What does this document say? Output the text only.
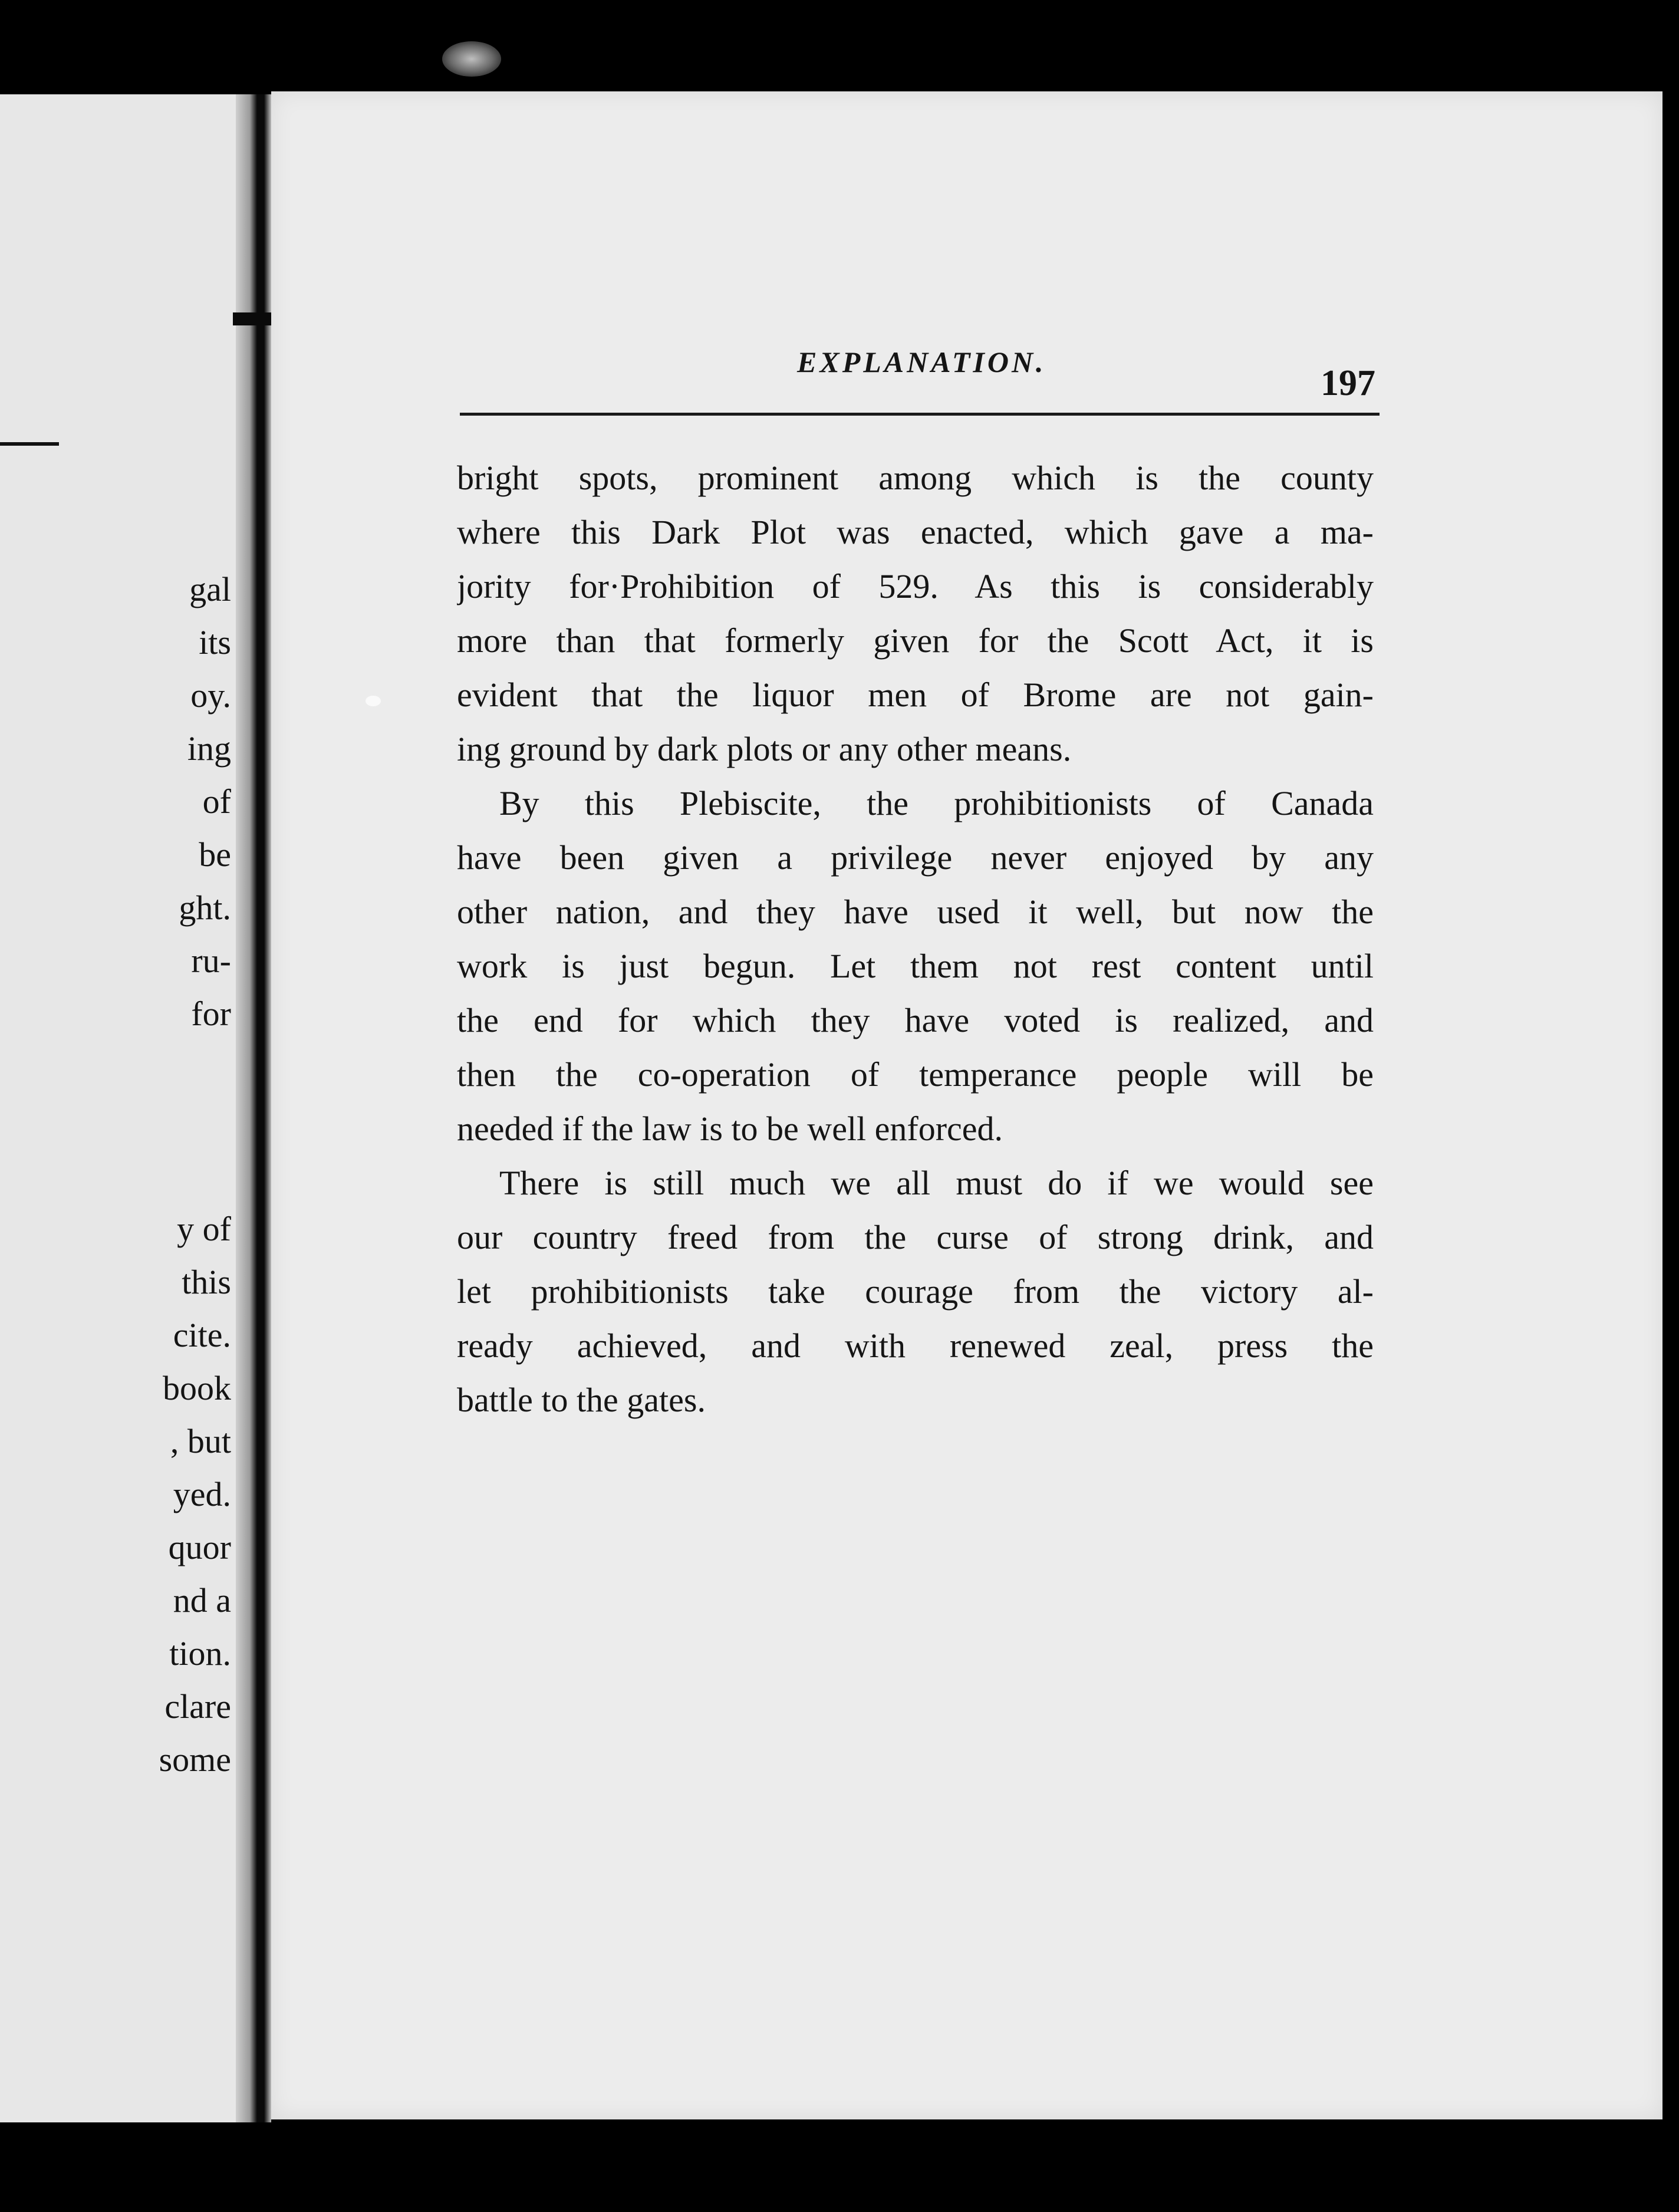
gal
its
oy.
ing
of
be
ght.
ru-
for
y of
this
cite.
book
, but
yed.
quor
nd a
tion.
clare
some
EXPLANATION.
197
bright spots, prominent among which is the county
where this Dark Plot was enacted, which gave a ma-
jority for·Prohibition of 529. As this is considerably
more than that formerly given for the Scott Act, it is
evident that the liquor men of Brome are not gain-
ing ground by dark plots or any other means.
By this Plebiscite, the prohibitionists of Canada
have been given a privilege never enjoyed by any
other nation, and they have used it well, but now the
work is just begun. Let them not rest content until
the end for which they have voted is realized, and
then the co-operation of temperance people will be
needed if the law is to be well enforced.
There is still much we all must do if we would see
our country freed from the curse of strong drink, and
let prohibitionists take courage from the victory al-
ready achieved, and with renewed zeal, press the
battle to the gates.
